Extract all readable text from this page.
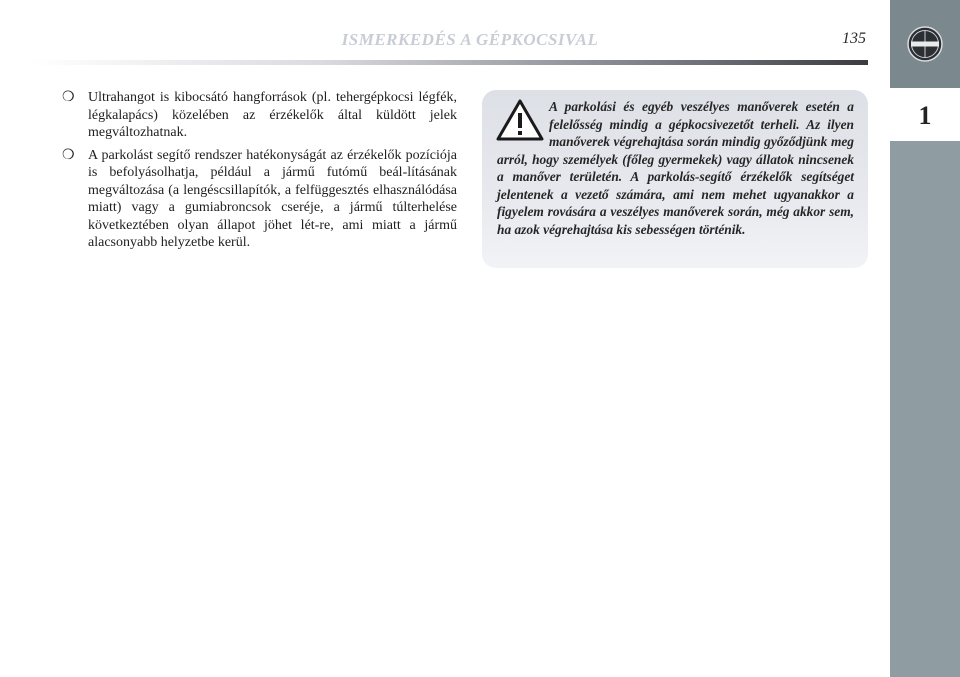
ISMERKEDÉS A GÉPKOCSIVAL	135
1
❍ Ultrahangot is kibocsátó hangforrások (pl. tehergépkocsi légfék, légkalapács) közelében az érzékelők által küldött jelek megváltozhatnak.
❍ A parkolást segítő rendszer hatékonyságát az érzékelők pozíciója is befolyásolhatja, például a jármű futómű beál-lításának megváltozása (a lengéscsillapítók, a felfüggesztés elhasználódása miatt) vagy a gumiabroncsok cseréje, a jármű túlterhelése következtében olyan állapot jöhet lét-re, ami miatt a jármű alacsonyabb helyzetbe kerül.

A parkolási és egyéb veszélyes manőverek esetén a felelősség mindig a gépkocsivezetőt terheli. Az ilyen manőverek végrehajtása során mindig győződjünk meg arról, hogy személyek (főleg gyermekek) vagy állatok nincsenek a manőver területén. A parkolás-segítő érzékelők segítséget jelentenek a vezető számára, ami nem mehet ugyanakkor a figyelem rovására a veszélyes manőverek során, még akkor sem, ha azok végrehajtása kis sebességen történik.
